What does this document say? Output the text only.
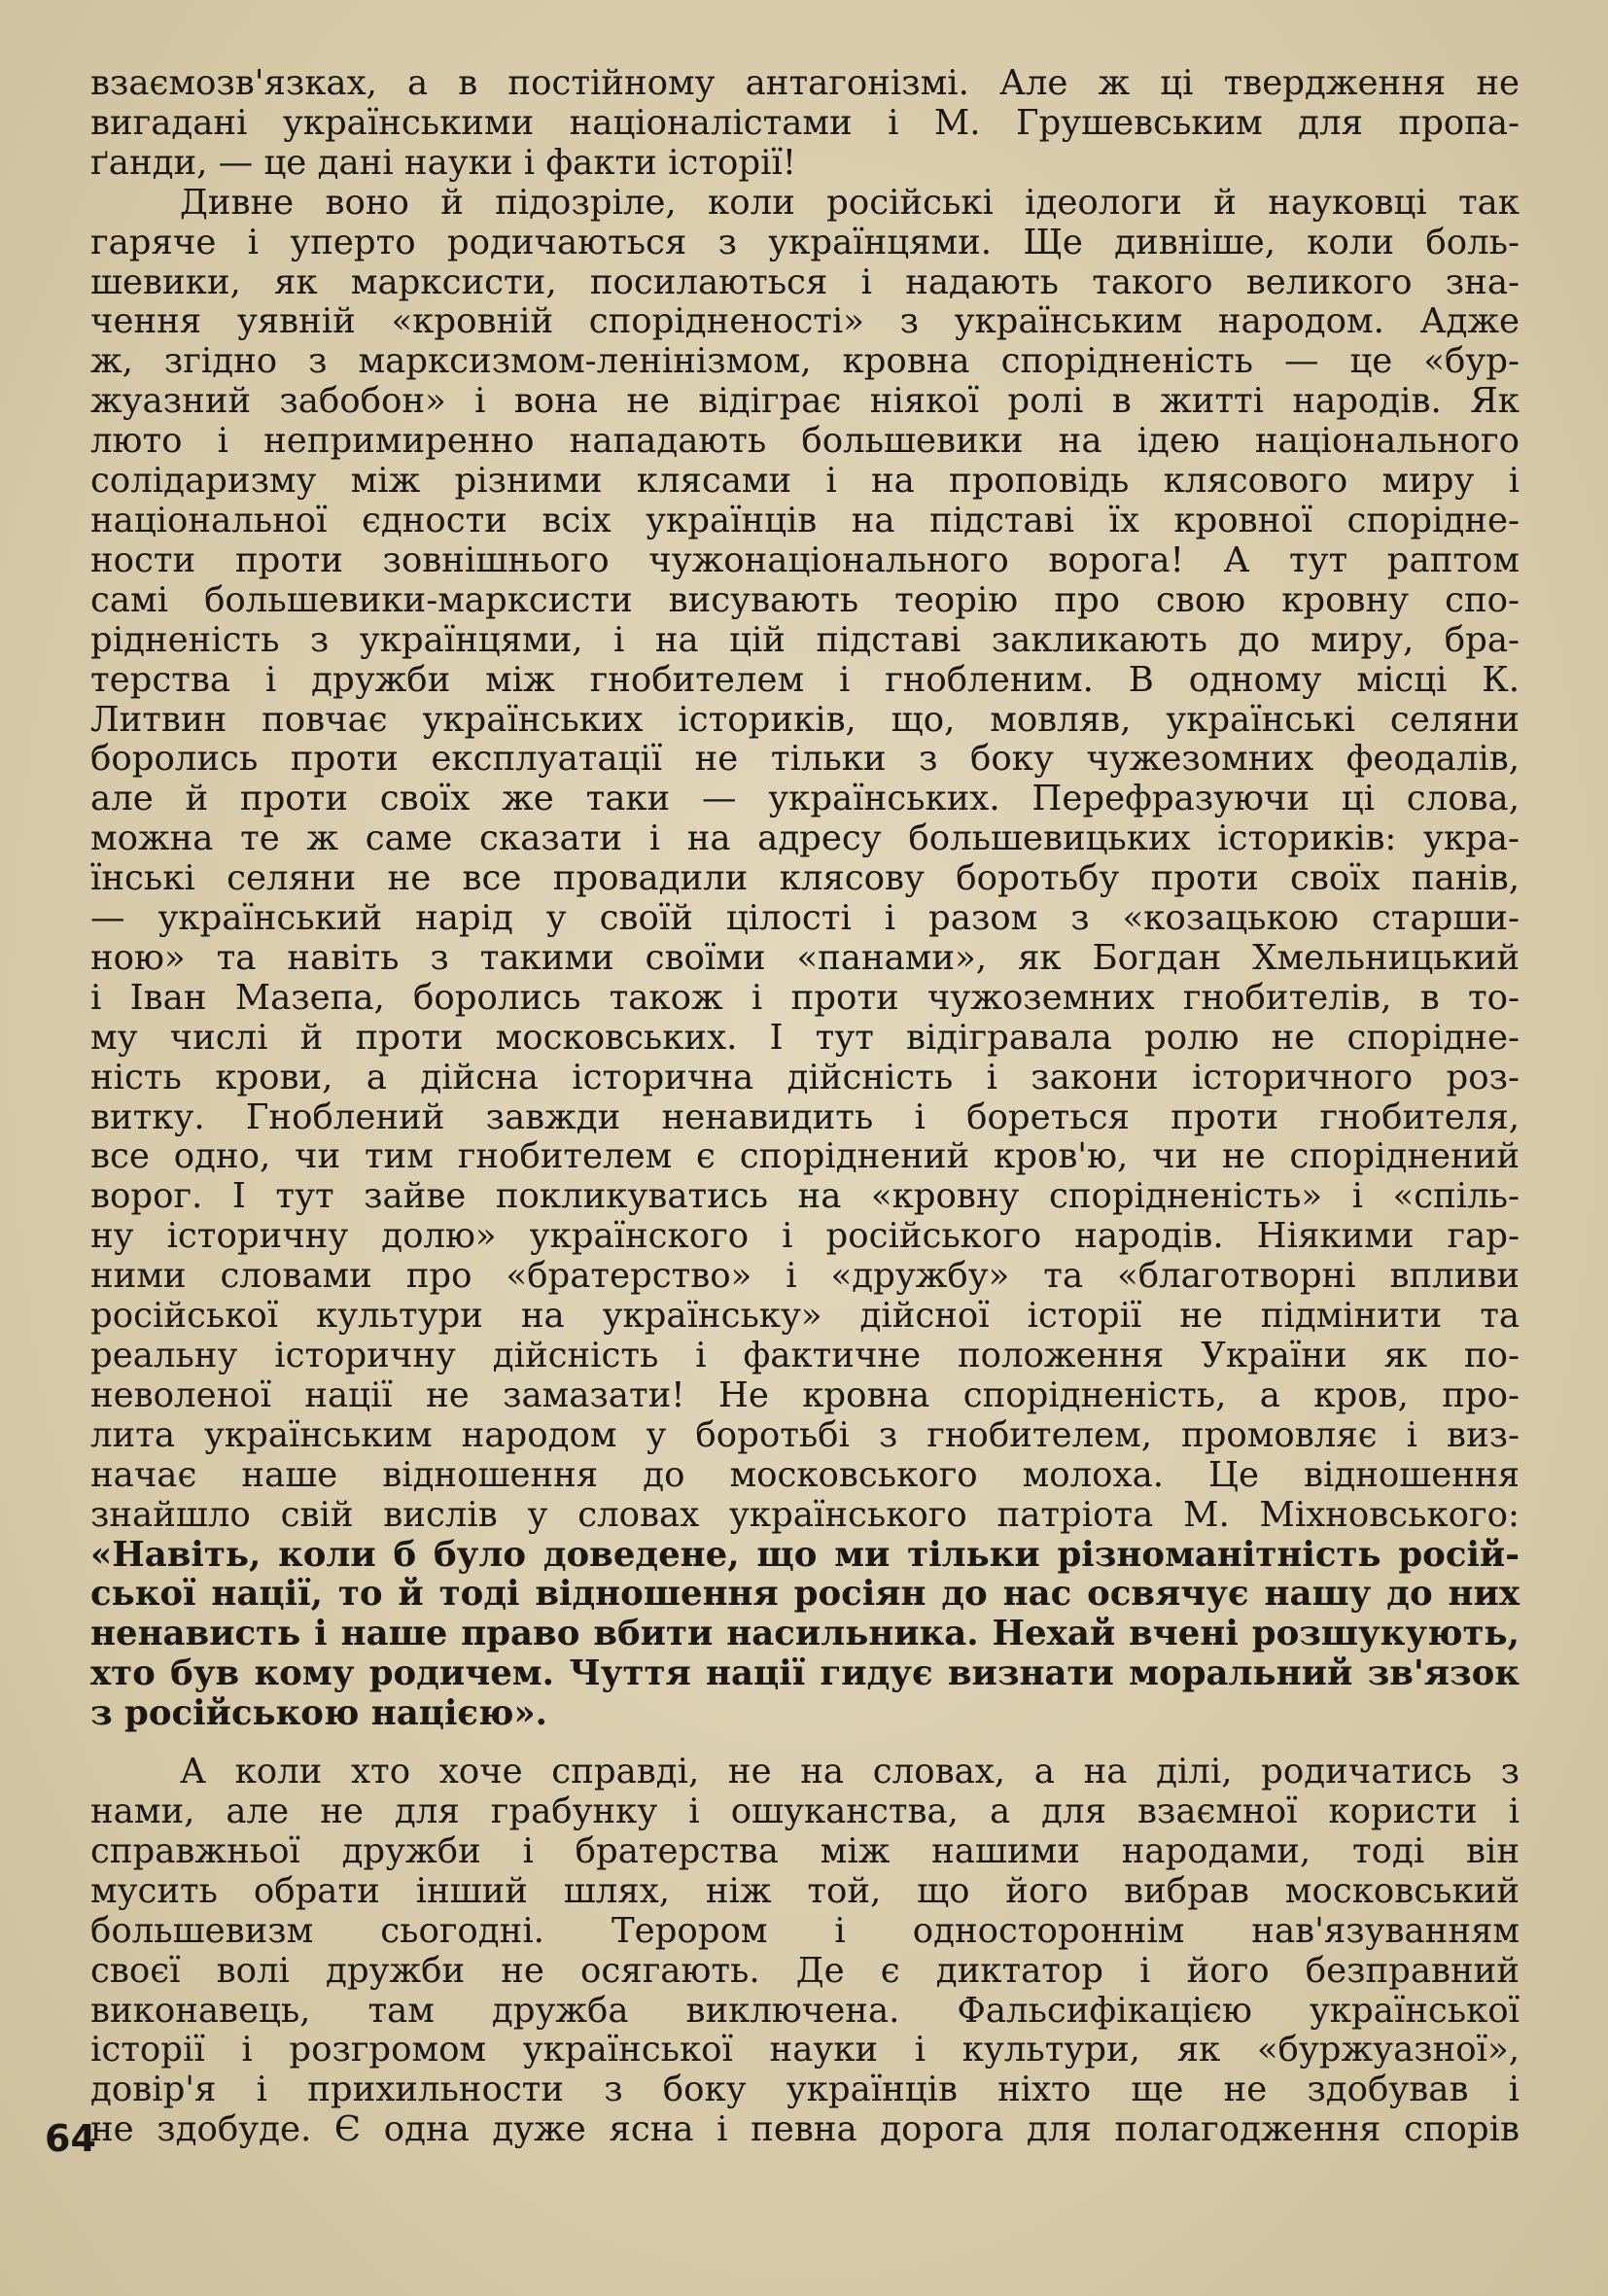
взаємозв'язках, а в постійному антагонізмі. Але ж ці твердження не

вигадані українськими націоналістами і М. Грушевським для пропа-

ґанди, — це дані науки і факти історії!

Дивне воно й підозріле, коли російські ідеологи й науковці так

гаряче і уперто родичаються з українцями. Ще дивніше, коли боль-

шевики, як марксисти, посилаються і надають такого великого зна-

чення уявній «кровній спорідненості» з українським народом. Адже

ж, згідно з марксизмом-ленінізмом, кровна спорідненість — це «бур-

жуазний забобон» і вона не відіграє ніякої ролі в житті народів. Як

люто і непримиренно нападають большевики на ідею національного

солідаризму між різними клясами і на проповідь клясового миру і

національної єдности всіх українців на підставі їх кровної спорідне-

ности проти зовнішнього чужонаціонального ворога! А тут раптом

самі большевики-марксисти висувають теорію про свою кровну спо-

рідненість з українцями, і на цій підставі закликають до миру, бра-

терства і дружби між гнобителем і гнобленим. В одному місці К.

Литвин повчає українських істориків, що, мовляв, українські селяни

боролись проти експлуатації не тільки з боку чужезомних феодалів,

але й проти своїх же таки — українських. Перефразуючи ці слова,

можна те ж саме сказати і на адресу большевицьких істориків: укра-

їнські селяни не все провадили клясову боротьбу проти своїх панів,

— український нарід у своїй цілості і разом з «козацькою старши-

ною» та навіть з такими своїми «панами», як Богдан Хмельницький

і Іван Мазепа, боролись також і проти чужоземних гнобителів, в то-

му числі й проти московських. І тут відігравала ролю не спорідне-

ність крови, а дійсна історична дійсність і закони історичного роз-

витку. Гноблений завжди ненавидить і бореться проти гнобителя,

все одно, чи тим гнобителем є споріднений кров'ю, чи не споріднений

ворог. І тут зайве покликуватись на «кровну спорідненість» і «спіль-

ну історичну долю» українского і російського народів. Ніякими гар-

ними словами про «братерство» і «дружбу» та «благотворні впливи

російської культури на українську» дійсної історії не підмінити та

реальну історичну дійсність і фактичне положення України як по-

неволеної нації не замазати! Не кровна спорідненість, а кров, про-

лита українським народом у боротьбі з гнобителем, промовляє і виз-

начає наше відношення до московського молоха. Це відношення

знайшло свій вислів у словах українського патріота М. Міхновського:

«Навіть, коли б було доведене, що ми тільки різноманітність росій-

ської нації, то й тоді відношення росіян до нас освячує нашу до них

ненависть і наше право вбити насильника. Нехай вчені розшукують,

хто був кому родичем. Чуття нації гидує визнати моральний зв'язок

з російською нацією».

А коли хто хоче справді, не на словах, а на ділі, родичатись з

нами, але не для грабунку і ошуканства, а для взаємної користи і

справжньої дружби і братерства між нашими народами, тоді він

мусить обрати інший шлях, ніж той, що його вибрав московський

большевизм сьогодні. Терором і одностороннім нав'язуванням

своєї волі дружби не осягають. Де є диктатор і його безправний

виконавець, там дружба виключена. Фальсифікацією української

історії і розгромом української науки і культури, як «буржуазної»,

довір'я і прихильности з боку українців ніхто ще не здобував і

не здобуде. Є одна дуже ясна і певна дорога для полагодження спорів

64
